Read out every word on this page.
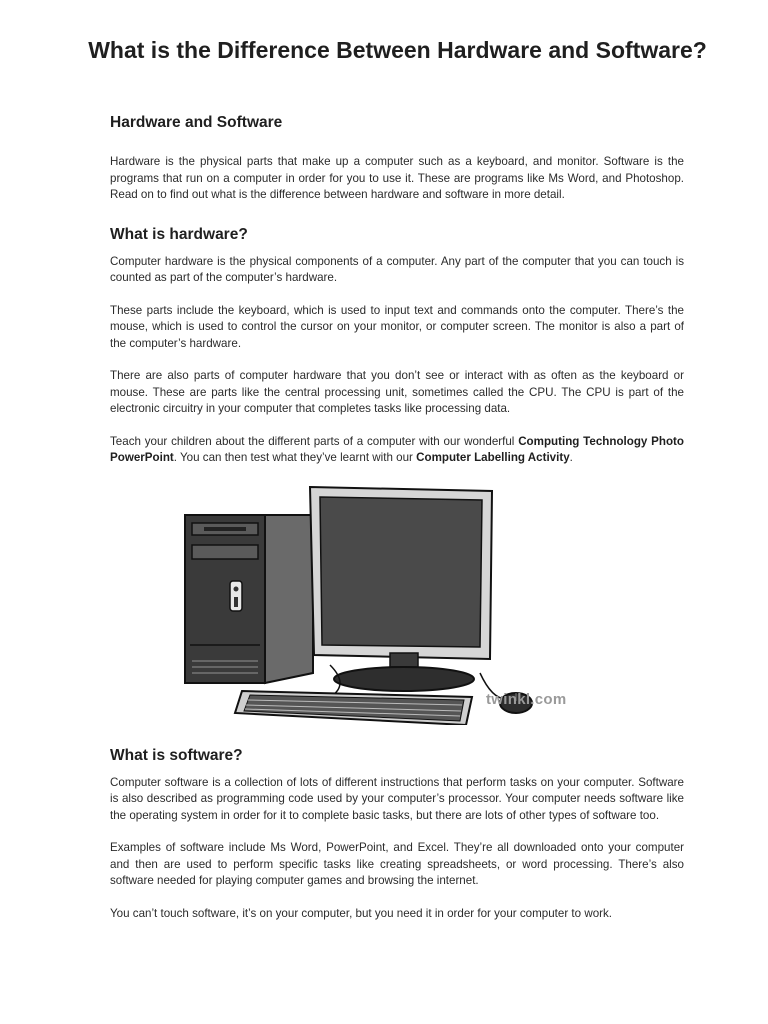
What is the Difference Between Hardware and Software?
Hardware and Software

Hardware is the physical parts that make up a computer such as a keyboard, and monitor. Software is the programs that run on a computer in order for you to use it. These are programs like Ms Word, and Photoshop. Read on to find out what is the difference between hardware and software in more detail.

What is hardware?

Computer hardware is the physical components of a computer. Any part of the computer that you can touch is counted as part of the computer’s hardware.

These parts include the keyboard, which is used to input text and commands onto the computer. There’s the mouse, which is used to control the cursor on your monitor, or computer screen. The monitor is also a part of the computer’s hardware.

There are also parts of computer hardware that you don’t see or interact with as often as the keyboard or mouse. These are parts like the central processing unit, sometimes called the CPU. The CPU is part of the electronic circuitry in your computer that completes tasks like processing data.

Teach your children about the different parts of a computer with our wonderful Computing Technology Photo PowerPoint. You can then test what they’ve learnt with our Computer Labelling Activity.

twinkl.com
What is software?

Computer software is a collection of lots of different instructions that perform tasks on your computer. Software is also described as programming code used by your computer’s processor. Your computer needs software like the operating system in order for it to complete basic tasks, but there are lots of other types of software too.

Examples of software include Ms Word, PowerPoint, and Excel. They’re all downloaded onto your computer and then are used to perform specific tasks like creating spreadsheets, or word processing. There’s also software needed for playing computer games and browsing the internet.

You can’t touch software, it’s on your computer, but you need it in order for your computer to work.
